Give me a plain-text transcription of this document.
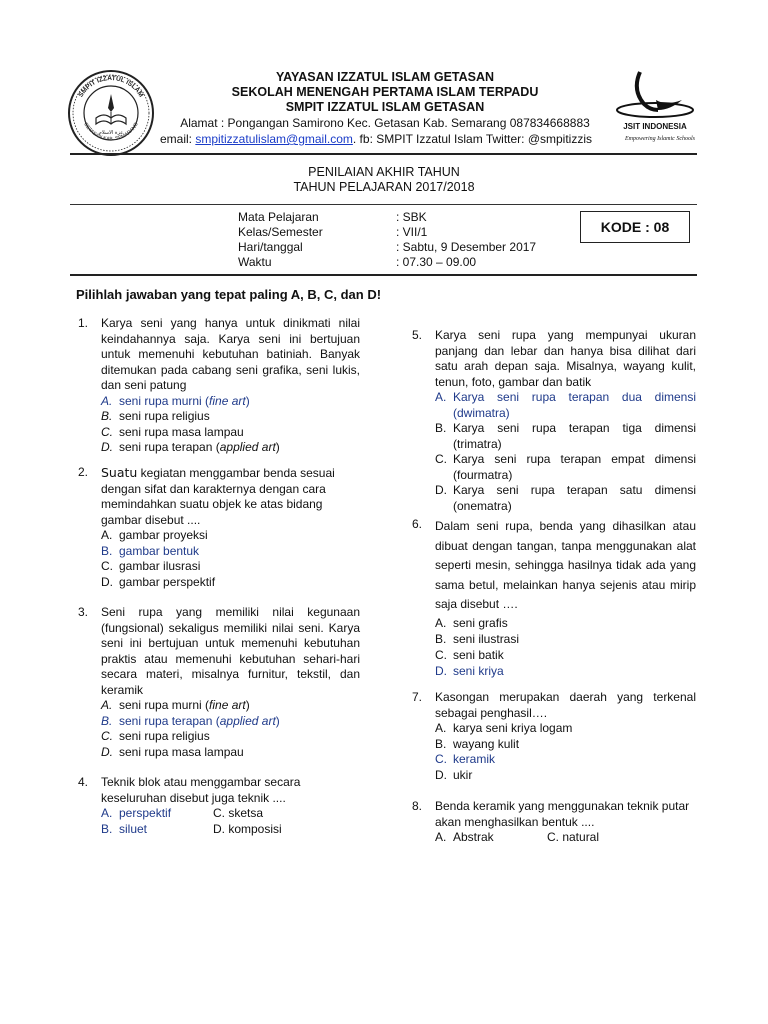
عزة الاسلام
SMPIT IZZATUL ISLAM
GETASAN KAB. SEMARANG
YAYASAN IZZATUL ISLAM GETASAN
SEKOLAH MENENGAH PERTAMA ISLAM TERPADU
SMPIT IZZATUL ISLAM GETASAN
Alamat : Pongangan Samirono Kec. Getasan Kab. Semarang 087834668883
email: smpitizzatulislam@gmail.com. fb: SMPIT Izzatul Islam Twitter: @smpitizzis
JSIT INDONESIA
Empowering Islamic Schools
PENILAIAN AKHIR TAHUN
TAHUN PELAJARAN 2017/2018
Mata Pelajaran	: SBK
Kelas/Semester	: VII/1
Hari/tanggal	: Sabtu, 9 Desember 2017
Waktu	: 07.30 – 09.00
KODE : 08
Pilihlah jawaban yang tepat paling A, B, C, dan D!
1. Karya seni yang hanya untuk dinikmati nilai keindahannya saja. Karya seni ini bertujuan untuk memenuhi kebutuhan batiniah. Banyak ditemukan pada cabang seni grafika, seni lukis, dan seni patung
A. seni rupa murni (fine art)
B. seni rupa religius
C. seni rupa masa lampau
D. seni rupa terapan (applied art)
2. Suatu kegiatan menggambar benda sesuai dengan sifat dan karakternya dengan cara memindahkan suatu objek ke atas bidang gambar disebut ....
A. gambar proyeksi
B. gambar bentuk
C. gambar ilusrasi
D. gambar perspektif
3. Seni rupa yang memiliki nilai kegunaan (fungsional) sekaligus memiliki nilai seni. Karya seni ini bertujuan untuk memenuhi kebutuhan praktis atau memenuhi kebutuhan sehari-hari secara materi, misalnya furnitur, tekstil, dan keramik
A. seni rupa murni (fine art)
B. seni rupa terapan (applied art)
C. seni rupa religius
D. seni rupa masa lampau
4. Teknik blok atau menggambar secara keseluruhan disebut juga teknik ....
A. perspektif	C. sketsa
B. siluet	D. komposisi
5. Karya seni rupa yang mempunyai ukuran panjang dan lebar dan hanya bisa dilihat dari satu arah depan saja. Misalnya, wayang kulit, tenun, foto, gambar dan batik
A. Karya seni rupa terapan dua dimensi (dwimatra)
B. Karya seni rupa terapan tiga dimensi (trimatra)
C. Karya seni rupa terapan empat dimensi (fourmatra)
D. Karya seni rupa terapan satu dimensi (onematra)
6. Dalam seni rupa, benda yang dihasilkan atau dibuat dengan tangan, tanpa menggunakan alat seperti mesin, sehingga hasilnya tidak ada yang sama betul, melainkan hanya sejenis atau mirip saja disebut ….
A. seni grafis
B. seni ilustrasi
C. seni batik
D. seni kriya
7. Kasongan merupakan daerah yang terkenal sebagai penghasil….
A. karya seni kriya logam
B. wayang kulit
C. keramik
D. ukir
8. Benda keramik yang menggunakan teknik putar akan menghasilkan bentuk ....
A. Abstrak	C. natural
